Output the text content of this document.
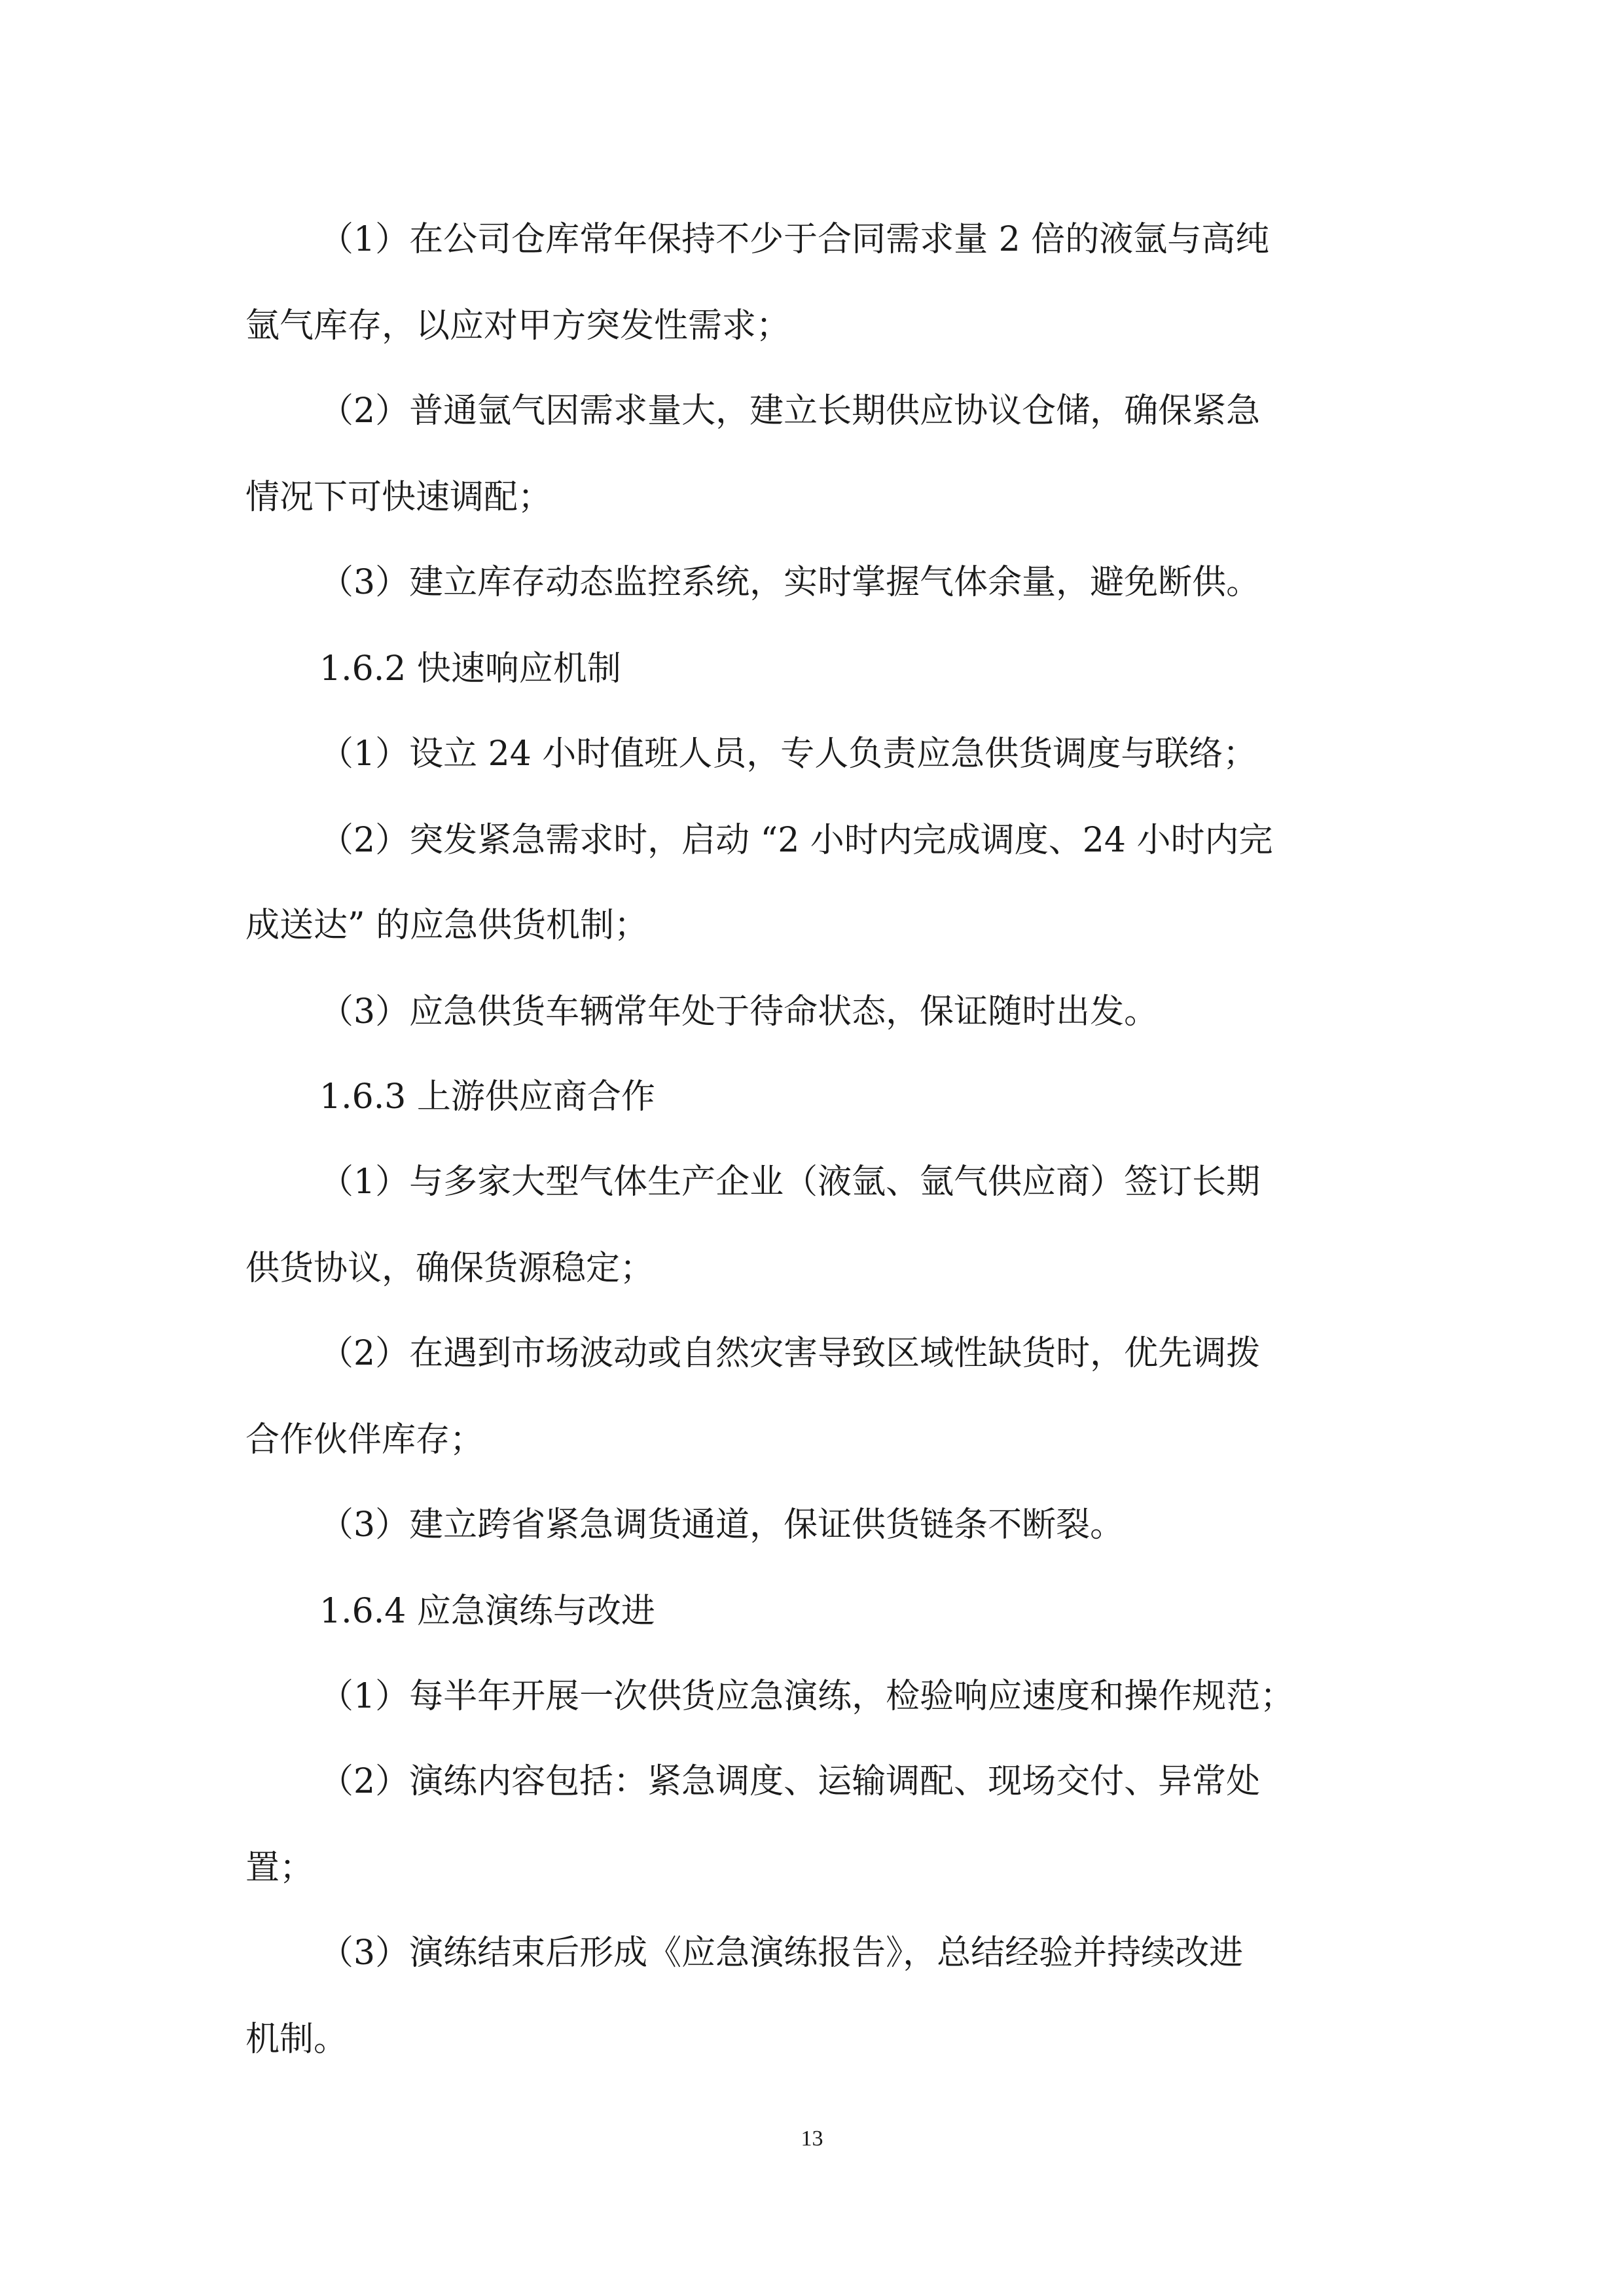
（1）在公司仓库常年保持不少于合同需求量 2 倍的液氩与高纯
氩气库存，以应对甲方突发性需求；
（2）普通氩气因需求量大，建立长期供应协议仓储，确保紧急
情况下可快速调配；
（3）建立库存动态监控系统，实时掌握气体余量，避免断供。
1.6.2 快速响应机制
（1）设立 24 小时值班人员，专人负责应急供货调度与联络；
（2）突发紧急需求时，启动 “2 小时内完成调度、24 小时内完
成送达” 的应急供货机制；
（3）应急供货车辆常年处于待命状态，保证随时出发。
1.6.3 上游供应商合作
（1）与多家大型气体生产企业（液氩、氩气供应商）签订长期
供货协议，确保货源稳定；
（2）在遇到市场波动或自然灾害导致区域性缺货时，优先调拨
合作伙伴库存；
（3）建立跨省紧急调货通道，保证供货链条不断裂。
1.6.4 应急演练与改进
（1）每半年开展一次供货应急演练，检验响应速度和操作规范；
（2）演练内容包括：紧急调度、运输调配、现场交付、异常处
置；
（3）演练结束后形成《应急演练报告》，总结经验并持续改进
机制。
13
